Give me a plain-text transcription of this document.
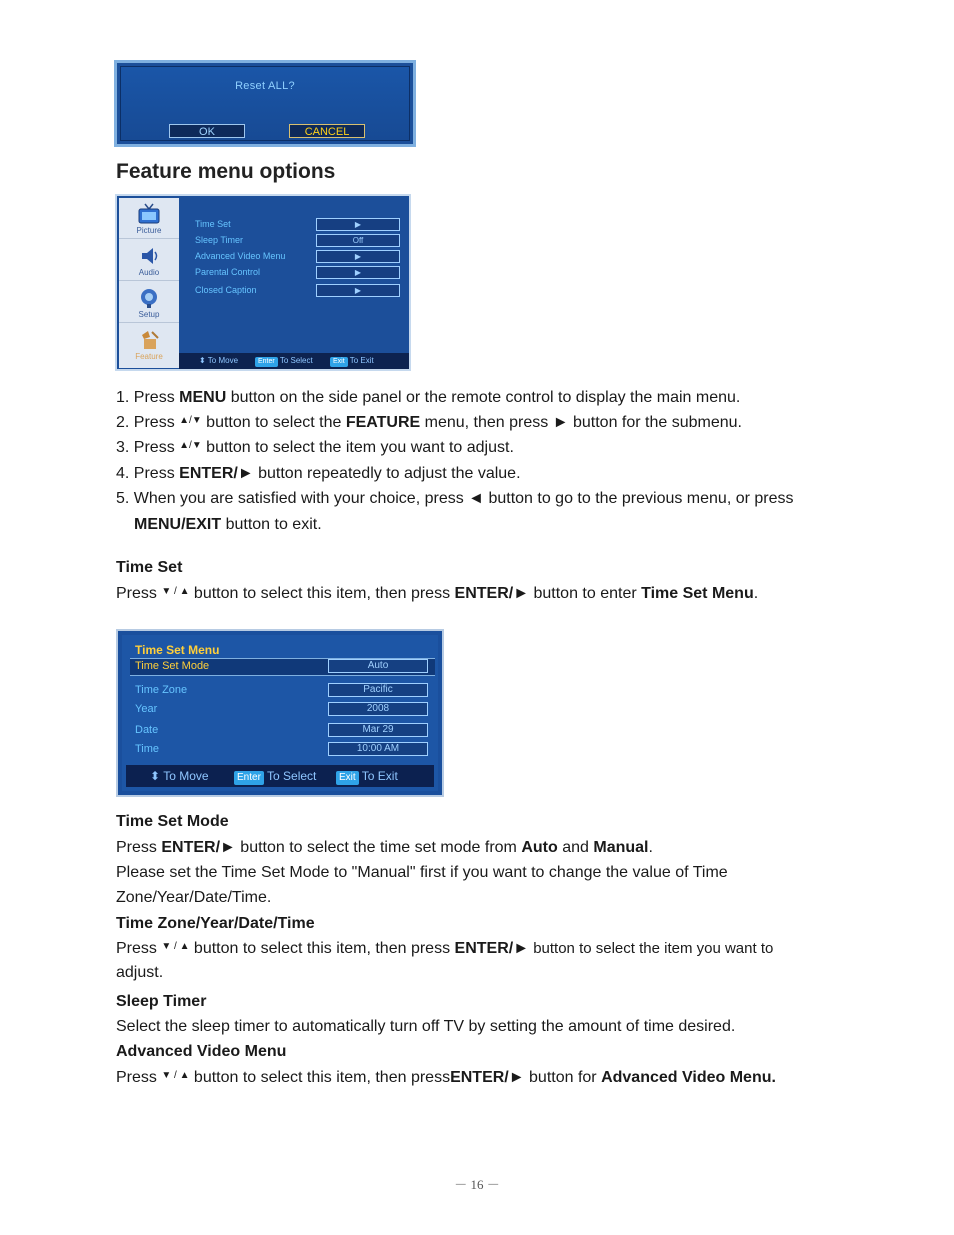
Reset ALL?
OK	CANCEL
Feature menu options
Picture
Audio
Setup
Feature
Time Set	▶
Sleep Timer	Off
Advanced Video Menu	▶
Parental Control	▶
Closed Caption	▶
⬍ To Move	Enter To Select	Exit To Exit
1. Press MENU button on the side panel or the remote control to display the main menu.
2. Press ▲/▼ button to select the FEATURE menu, then press ► button for the submenu.
3. Press ▲/▼ button to select the item you want to adjust.
4. Press ENTER/► button repeatedly to adjust the value.
5. When you are satisfied with your choice, press ◄ button to go to the previous menu, or press
MENU/EXIT button to exit.
Time Set
Press ▼ / ▲ button to select this item, then press ENTER/► button to enter Time Set Menu.
Time Set Menu
Time Set Mode	Auto
Time Zone	Pacific
Year	2008
Date	Mar 29
Time	10:00 AM
⬍ To Move	Enter To Select	Exit To Exit
Time Set Mode
Press ENTER/► button to select the time set mode from Auto and Manual.
Please set the Time Set Mode to "Manual" first if you want to change the value of Time
Zone/Year/Date/Time.
Time Zone/Year/Date/Time
Press ▼ / ▲ button to select this item, then press ENTER/► button to select the item you want to
adjust.
Sleep Timer
Select the sleep timer to automatically turn off TV by setting the amount of time desired.
Advanced Video Menu
Press ▼ / ▲ button to select this item, then pressENTER/► button for Advanced Video Menu.
－ 16 －
